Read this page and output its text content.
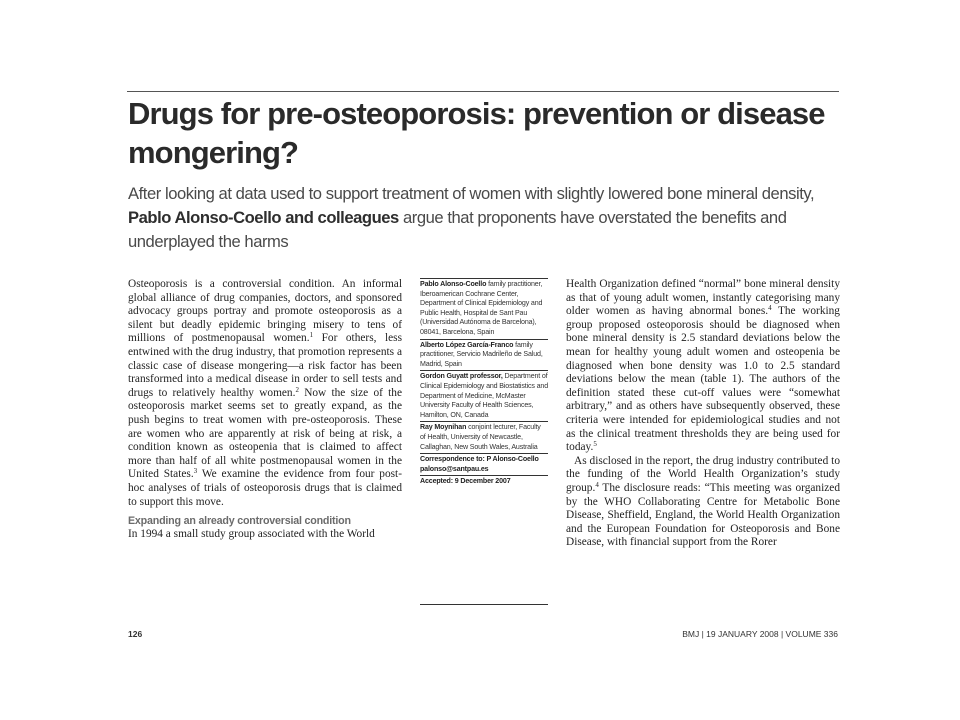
Drugs for pre-osteoporosis: prevention or disease mongering?

After looking at data used to support treatment of women with slightly lowered bone mineral density, Pablo Alonso-Coello and colleagues argue that proponents have overstated the benefits and underplayed the harms

Osteoporosis is a controversial condition. An informal global alliance of drug companies, doctors, and sponsored advocacy groups portray and promote osteoporosis as a silent but deadly epidemic bringing misery to tens of millions of postmenopausal women.$^1$ For others, less entwined with the drug industry, that promotion represents a classic case of disease mongering—a risk factor has been transformed into a medical disease in order to sell tests and drugs to relatively healthy women.$^2$ Now the size of the osteoporosis market seems set to greatly expand, as the push begins to treat women with pre-osteoporosis. These are women who are apparently at risk of being at risk, a condition known as osteopenia that is claimed to affect more than half of all white postmenopausal women in the United States.$^3$ We examine the evidence from four post-hoc analyses of trials of osteoporosis drugs that is claimed to support this move.

Expanding an already controversial condition

In 1994 a small study group associated with the World

Pablo Alonso-Coello family practitioner, Iberoamerican Cochrane Center, Department of Clinical Epidemiology and Public Health, Hospital de Sant Pau (Universidad Autónoma de Barcelona), 08041, Barcelona, Spain
Alberto López García-Franco family practitioner, Servicio Madrileño de Salud, Madrid, Spain
Gordon Guyatt professor, Department of Clinical Epidemiology and Biostatistics and Department of Medicine, McMaster University Faculty of Health Sciences, Hamilton, ON, Canada
Ray Moynihan conjoint lecturer, Faculty of Health, University of Newcastle, Callaghan, New South Wales, Australia
Correspondence to: P Alonso-Coello palonso@santpau.es
Accepted: 9 December 2007

Health Organization defined “normal” bone mineral density as that of young adult women, instantly categorising many older women as having abnormal bones.$^4$ The working group proposed osteoporosis should be diagnosed when bone mineral density is 2.5 standard deviations below the mean for healthy young adult women and osteopenia be diagnosed when bone density was 1.0 to 2.5 standard deviations below the mean (table 1). The authors of the definition stated these cut-off values were “somewhat arbitrary,” and as others have subsequently observed, these criteria were intended for epidemiological studies and not as the clinical treatment thresholds they are being used for today.$^5$

As disclosed in the report, the drug industry contributed to the funding of the World Health Organization’s study group.$^4$ The disclosure reads: “This meeting was organized by the WHO Collaborating Centre for Metabolic Bone Disease, Sheffield, England, the World Health Organization and the European Foundation for Osteoporosis and Bone Disease, with financial support from the Rorer

126	BMJ | 19 JANUARY 2008 | VOLUME 336
